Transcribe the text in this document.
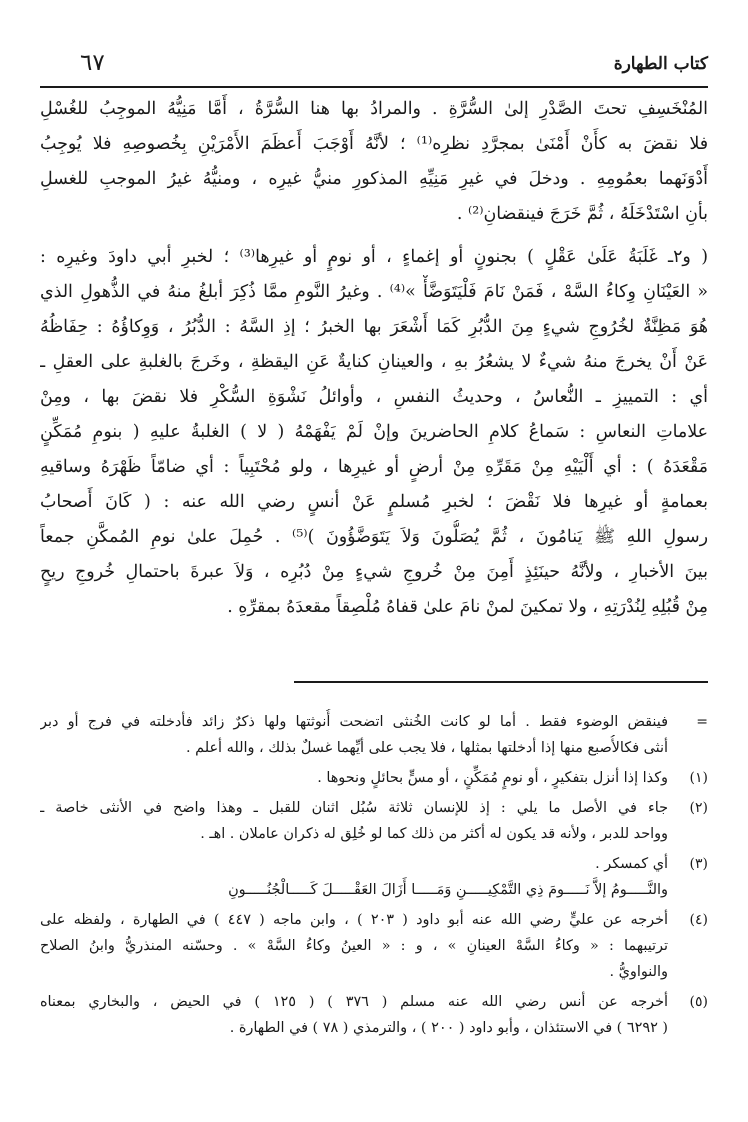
كتاب الطهارة
٦٧
المُنْخَسِفِ تحتَ الصَّدْرِ إلىٰ السُّرَّةِ . والمرادُ بها هنا السُّرَّةُ ، أَمَّا مَنِيُّهُ الموجِبُ للغُسْلِ
فلا نقضَ به كأَنْ أَمْنَىٰ بمجرَّدِ نظرِه⁽¹⁾ ؛ لأنَّهُ أَوْجَبَ أَعظَمَ الأَمْرَيْنِ بِخُصوصِهِ فلا يُوجِبُ
أَدْوَنَهما بعمُومِهِ . ودخلَ في غيرِ مَنِيِّهِ المذكورِ منيُّ غيرِه ، ومنيُّهُ غيرُ الموجبِ للغسلِ
بأنِ اسْتَدْخَلَهُ ، ثُمَّ خَرَجَ فينقضانِ⁽²⁾ .
( و٢ـ غَلَبَةُ عَلَىٰ عَقْلٍ ) بجنونٍ أو إغماءٍ ، أو نومٍ أو غيرِها⁽³⁾ ؛ لخبرِ أبي داودَ وغيرِه :
« العَيْنَانِ وِكاءُ السَّهْ ، فَمَنْ نَامَ فَلْيَتَوَضَّأْ »⁽⁴⁾ . وغيرُ النَّومِ ممَّا ذُكِرَ أبلغُ منهُ في الذُّهولِ الذي
هُوَ مَظِنَّةٌ لخُرُوجِ شيءٍ مِنَ الدُّبُرِ كَمَا أَشْعَرَ بها الخبرُ ؛ إذِ السَّهُ : الدُّبُرُ ، وَوِكاؤُهُ : حِفَاظُهُ
عَنْ أَنْ يخرجَ منهُ شيءٌ لا يشعُرُ بهِ ، والعينانِ كنايةٌ عَنِ اليقظةِ ، وخَرجَ بالغلبةِ على العقلِ ـ
أي : التمييزِ ـ النُّعاسُ ، وحديثُ النفسِ ، وأوائلُ نَشْوَةِ السُّكْرِ فلا نقضَ بها ، ومِنْ
علاماتِ النعاسِ : سَماعُ كلامِ الحاضرينَ وإنْ لَمْ يَفْهَمْهُ ( لا ) الغلبةُ عليهِ ( بنومِ مُمَكِّنٍ
مَقْعَدَهُ ) : أي أَلْيَيْهِ مِنْ مَقَرِّهِ مِنْ أرضٍ أو غيرِها ، ولو مُحْتَبِياً : أي ضامّاً ظَهْرَهُ وساقيهِ
بعمامةٍ أو غيرِها فلا نَقْضَ ؛ لخبرِ مُسلمٍ عَنْ أنسٍ رضي الله عنه : ( كَانَ أَصحابُ
رسولِ اللهِ ﷺ يَنامُونَ ، ثُمَّ يُصَلُّونَ وَلاَ يَتَوَضَّؤُونَ )⁽⁵⁾ . حُمِلَ علىٰ نومِ المُمكَّنِ جمعاً
بينَ الأخبارِ ، ولأنَّهُ حينَئِذٍ أَمِنَ مِنْ خُروجِ شيءٍ مِنْ دُبُرِه ، وَلاَ عبرةَ باحتمالِ خُروجِ ريحٍ
مِنْ قُبُلِهِ لِنُدْرَتِهِ ، ولا تمكينَ لمنْ نامَ علىٰ قفاهُ مُلْصِقاً مقعدَهُ بمقرِّهِ .
=
فينقض الوضوء فقط . أما لو كانت الخُنثى اتضحت أُنوثتها ولها ذكرٌ زائد فأدخلته في فرج أو دبر
أنثى فكالأُصبع منها إذا أدخلتها بمثلها ، فلا يجب على أيِّهما غسلٌ بذلك ، والله أعلم .
(١)
وكذا إذا أنزل بتفكيرٍ ، أو نومٍ مُمَكِّنٍ ، أو مسٍّ بحائلٍ ونحوها .
(٢)
جاء في الأصل ما يلي : إذ للإنسان ثلاثة سُبُل اثنان للقبل ـ وهذا واضح في الأنثى خاصة ـ
وواحد للدبر ، ولأنه قد يكون له أكثر من ذلك كما لو خُلِق له ذكران عاملان . اهـ .
(٣)
أي كمسكر .
والنَّـــــومُ إلاَّ نَـــــومَ ذِي التَّمْكِيـــــنِ وَمَـــــا أَزَالَ العَقْـــــلَ كَـــــالْجُنُـــــونِ
(٤)
أخرجه عن عليٍّ رضي الله عنه أبو داود ( ٢٠٣ ) ، وابن ماجه ( ٤٤٧ ) في الطهارة ، ولفظه على
ترتيبهما : « وكاءُ السَّهْ العينانِ » ، و : « العينُ وكاءُ السَّهْ » . وحسّنه المنذريُّ وابنُ الصلاح
والنواويُّ .
(٥)
أخرجه عن أنس رضي الله عنه مسلم ( ٣٧٦ ) ( ١٢٥ ) في الحيض ، والبخاري بمعناه
( ٦٢٩٢ ) في الاستئذان ، وأبو داود ( ٢٠٠ ) ، والترمذي ( ٧٨ ) في الطهارة .
